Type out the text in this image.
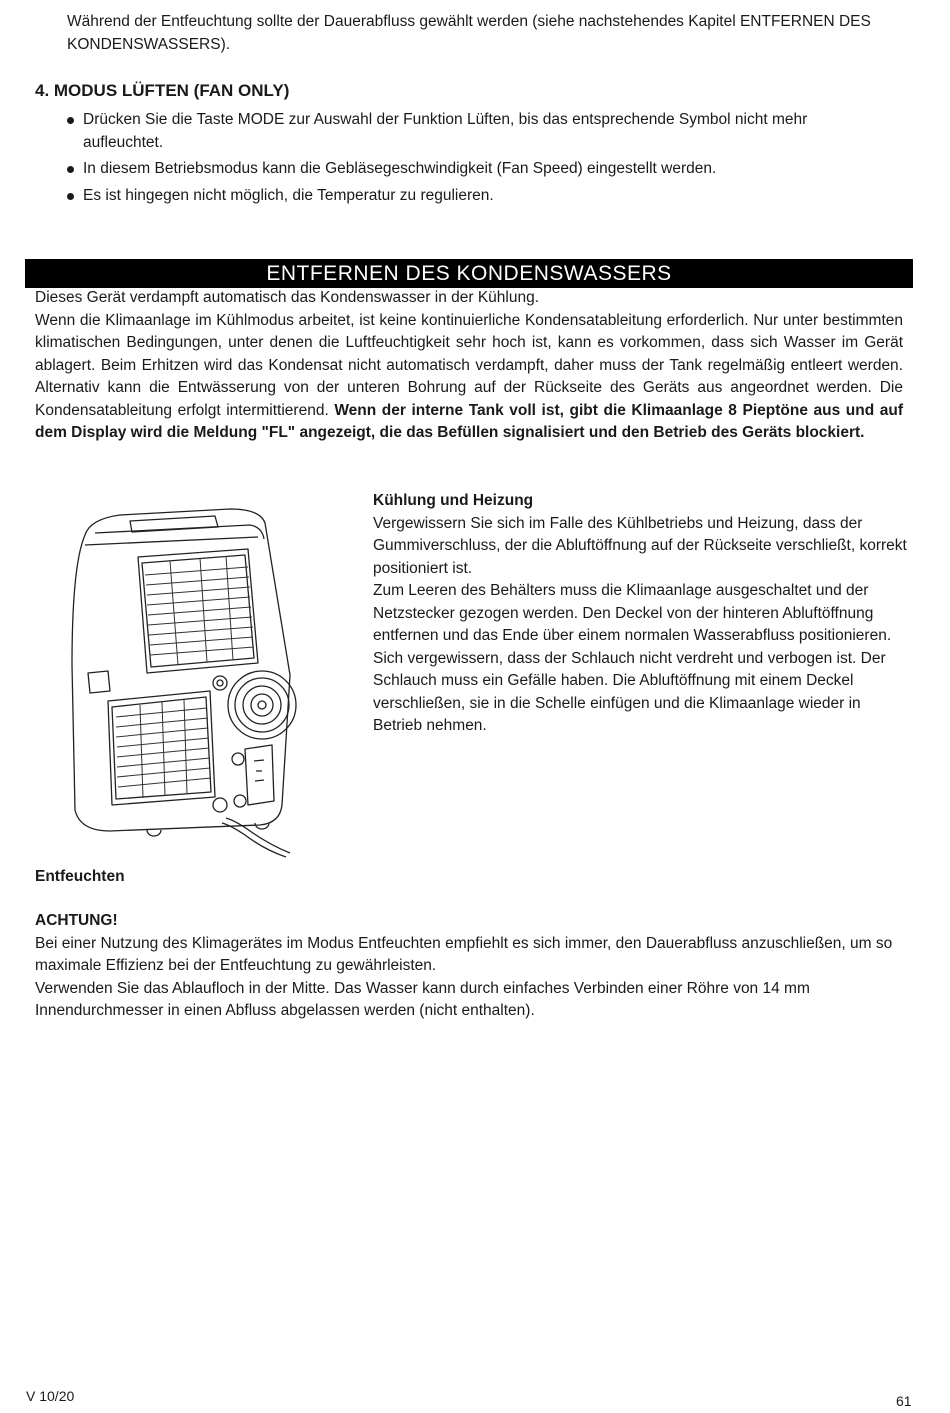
Während der Entfeuchtung sollte der Dauerabfluss gewählt werden (siehe nachstehendes Kapitel ENTFERNEN DES KONDENSWASSERS).

4. MODUS LÜFTEN (FAN ONLY)
Drücken Sie die Taste MODE zur Auswahl der Funktion Lüften, bis das entsprechende Symbol nicht mehr aufleuchtet.
In diesem Betriebsmodus kann die Gebläsegeschwindigkeit (Fan Speed) eingestellt werden.
Es ist hingegen nicht möglich, die Temperatur zu regulieren.
ENTFERNEN DES KONDENSWASSERS

Dieses Gerät verdampft automatisch das Kondenswasser in der Kühlung.

Wenn die Klimaanlage im Kühlmodus arbeitet, ist keine kontinuierliche Kondensatableitung erforderlich. Nur unter bestimmten klimatischen Bedingungen, unter denen die Luftfeuchtigkeit sehr hoch ist, kann es vorkommen, dass sich Wasser im Gerät ablagert. Beim Erhitzen wird das Kondensat nicht automatisch verdampft, daher muss der Tank regelmäßig entleert werden. Alternativ kann die Entwässerung von der unteren Bohrung auf der Rückseite des Geräts aus angeordnet werden. Die Kondensatableitung erfolgt intermittierend. Wenn der interne Tank voll ist, gibt die Klimaanlage 8 Pieptöne aus und auf dem Display wird die Meldung "FL" angezeigt, die das Befüllen signalisiert und den Betrieb des Geräts blockiert.

Kühlung und Heizung

Vergewissern Sie sich im Falle des Kühlbetriebs und Heizung, dass der Gummiverschluss, der die Abluftöffnung auf der Rückseite verschließt, korrekt positioniert ist.

Zum Leeren des Behälters muss die Klimaanlage ausgeschaltet und der Netzstecker gezogen werden. Den Deckel von der hinteren Abluftöffnung entfernen und das Ende über einem normalen Wasserabfluss positionieren.

Sich vergewissern, dass der Schlauch nicht verdreht und verbogen ist. Der Schlauch muss ein Gefälle haben. Die Abluftöffnung mit einem Deckel verschließen, sie in die Schelle einfügen und die Klimaanlage wieder in Betrieb nehmen.

Entfeuchten

ACHTUNG!

Bei einer Nutzung des Klimagerätes im Modus Entfeuchten empfiehlt es sich immer, den Dauerabfluss anzuschließen, um so maximale Effizienz bei der Entfeuchtung zu gewährleisten.

Verwenden Sie das Ablaufloch in der Mitte. Das Wasser kann durch einfaches Verbinden einer Röhre von 14 mm Innendurchmesser in einen Abfluss abgelassen werden (nicht enthalten).

V 10/20	61
